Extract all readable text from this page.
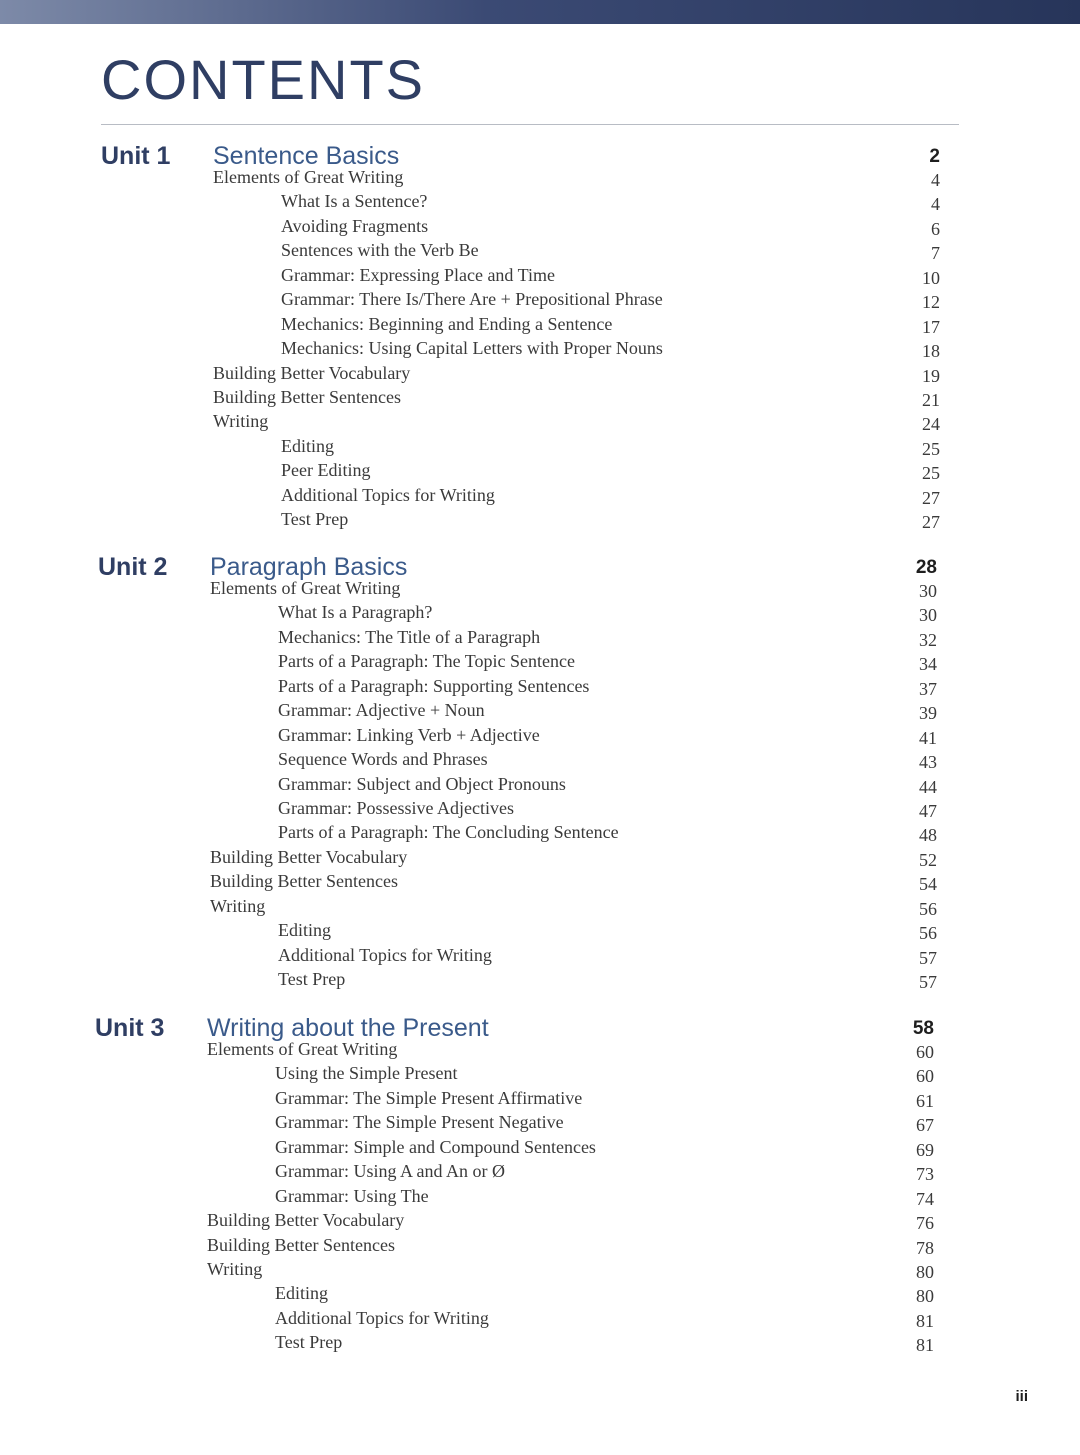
CONTENTS
Unit 1 Sentence Basics	2
Elements of Great Writing	4
What Is a Sentence?	4
Avoiding Fragments	6
Sentences with the Verb Be	7
Grammar: Expressing Place and Time	10
Grammar: There Is/There Are + Prepositional Phrase	12
Mechanics: Beginning and Ending a Sentence	17
Mechanics: Using Capital Letters with Proper Nouns	18
Building Better Vocabulary	19
Building Better Sentences	21
Writing	24
Editing	25
Peer Editing	25
Additional Topics for Writing	27
Test Prep	27
Unit 2 Paragraph Basics	28
Elements of Great Writing	30
What Is a Paragraph?	30
Mechanics: The Title of a Paragraph	32
Parts of a Paragraph: The Topic Sentence	34
Parts of a Paragraph: Supporting Sentences	37
Grammar: Adjective + Noun	39
Grammar: Linking Verb + Adjective	41
Sequence Words and Phrases	43
Grammar: Subject and Object Pronouns	44
Grammar: Possessive Adjectives	47
Parts of a Paragraph: The Concluding Sentence	48
Building Better Vocabulary	52
Building Better Sentences	54
Writing	56
Editing	56
Additional Topics for Writing	57
Test Prep	57
Unit 3 Writing about the Present	58
Elements of Great Writing	60
Using the Simple Present	60
Grammar: The Simple Present Affirmative	61
Grammar: The Simple Present Negative	67
Grammar: Simple and Compound Sentences	69
Grammar: Using A and An or Ø	73
Grammar: Using The	74
Building Better Vocabulary	76
Building Better Sentences	78
Writing	80
Editing	80
Additional Topics for Writing	81
Test Prep	81
iii
